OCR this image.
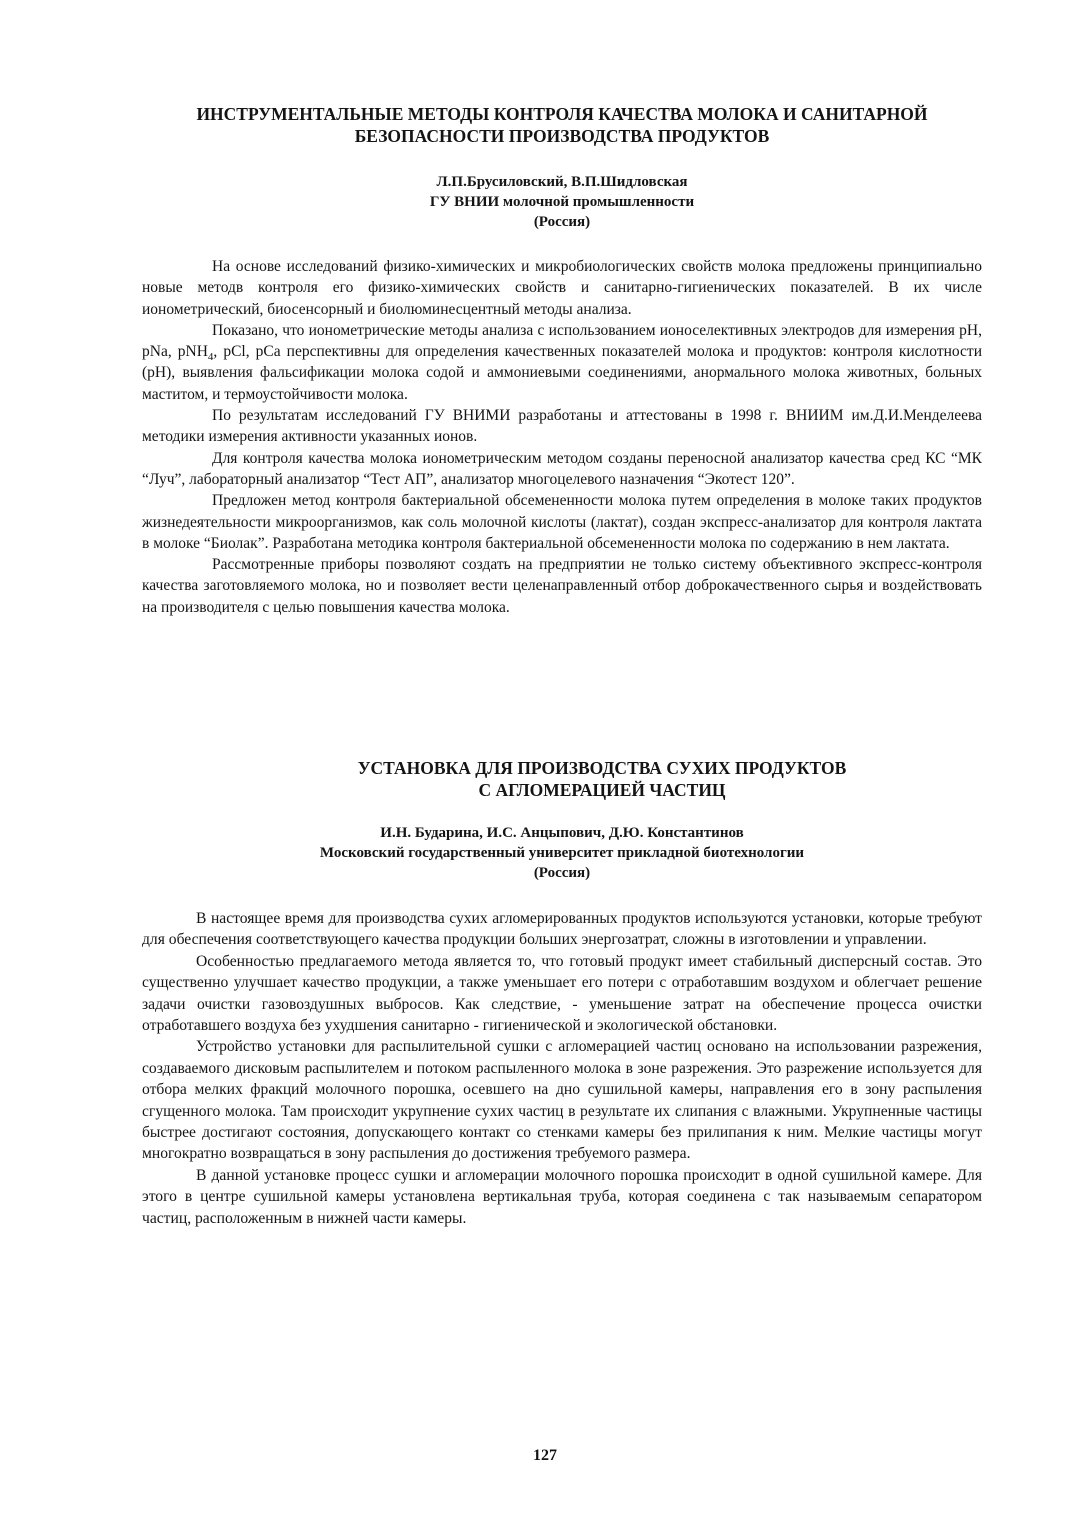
ИНСТРУМЕНТАЛЬНЫЕ МЕТОДЫ КОНТРОЛЯ КАЧЕСТВА МОЛОКА И САНИТАРНОЙ
БЕЗОПАСНОСТИ ПРОИЗВОДСТВА ПРОДУКТОВ

Л.П.Брусиловский, В.П.Шидловская
ГУ ВНИИ молочной промышленности
(Россия)

На основе исследований физико-химических и микробиологических свойств молока предложены принципиально новые методв контроля его физико-химических свойств и санитарно-гигиенических показателей. В их числе ионометрический, биосенсорный и биолюминесцентный методы анализа.

Показано, что ионометрические методы анализа с использованием ионоселективных электродов для измерения pH, pNa, pNH$_4$, pCl, pCa перспективны для определения качественных показателей молока и продуктов: контроля кислотности (pH), выявления фальсификации молока содой и аммониевыми соединениями, анормального молока животных, больных маститом, и термоустойчивости молока.

По результатам исследований ГУ ВНИМИ разработаны и аттестованы в 1998 г. ВНИИМ им.Д.И.Менделеева методики измерения активности указанных ионов.

Для контроля качества молока ионометрическим методом созданы переносной анализатор качества сред КС “МК “Луч”, лабораторный анализатор “Тест АП”, анализатор многоцелевого назначения “Экотест 120”.

Предложен метод контроля бактериальной обсемененности молока путем определения в молоке таких продуктов жизнедеятельности микроорганизмов, как соль молочной кислоты (лактат), создан экспресс-анализатор для контроля лактата в молоке “Биолак”. Разработана методика контроля бактериальной обсемененности молока по содержанию в нем лактата.

Рассмотренные приборы позволяют создать на предприятии не только систему объективного экспресс-контроля качества заготовляемого молока, но и позволяет вести целенаправленный отбор доброкачественного сырья и воздействовать на производителя с целью повышения качества молока.

УСТАНОВКА ДЛЯ ПРОИЗВОДСТВА СУХИХ ПРОДУКТОВ
С АГЛОМЕРАЦИЕЙ ЧАСТИЦ

И.Н. Бударина, И.С. Анцыпович, Д.Ю. Константинов
Московский государственный университет прикладной биотехнологии
(Россия)

В настоящее время для производства сухих агломерированных продуктов используются установки, которые требуют для обеспечения соответствующего качества продукции больших энергозатрат, сложны в изготовлении и управлении.

Особенностью предлагаемого метода является то, что готовый продукт имеет стабильный дисперсный состав. Это существенно улучшает качество продукции, а также уменьшает его потери с отработавшим воздухом и облегчает решение задачи очистки газовоздушных выбросов. Как следствие, - уменьшение затрат на обеспечение процесса очистки отработавшего воздуха без ухудшения санитарно - гигиенической и экологической обстановки.

Устройство установки для распылительной сушки с агломерацией частиц основано на использовании разрежения, создаваемого дисковым распылителем и потоком распыленного молока в зоне разрежения. Это разрежение используется для отбора мелких фракций молочного порошка, осевшего на дно сушильной камеры, направления его в зону распыления сгущенного молока. Там происходит укрупнение сухих частиц в результате их слипания с влажными. Укрупненные частицы быстрее достигают состояния, допускающего контакт со стенками камеры без прилипания к ним. Мелкие частицы могут многократно возвращаться в зону распыления до достижения требуемого размера.

В данной установке процесс сушки и агломерации молочного порошка происходит в одной сушильной камере. Для этого в центре сушильной камеры установлена вертикальная труба, которая соединена с так называемым сепаратором частиц, расположенным в нижней части камеры.

127
